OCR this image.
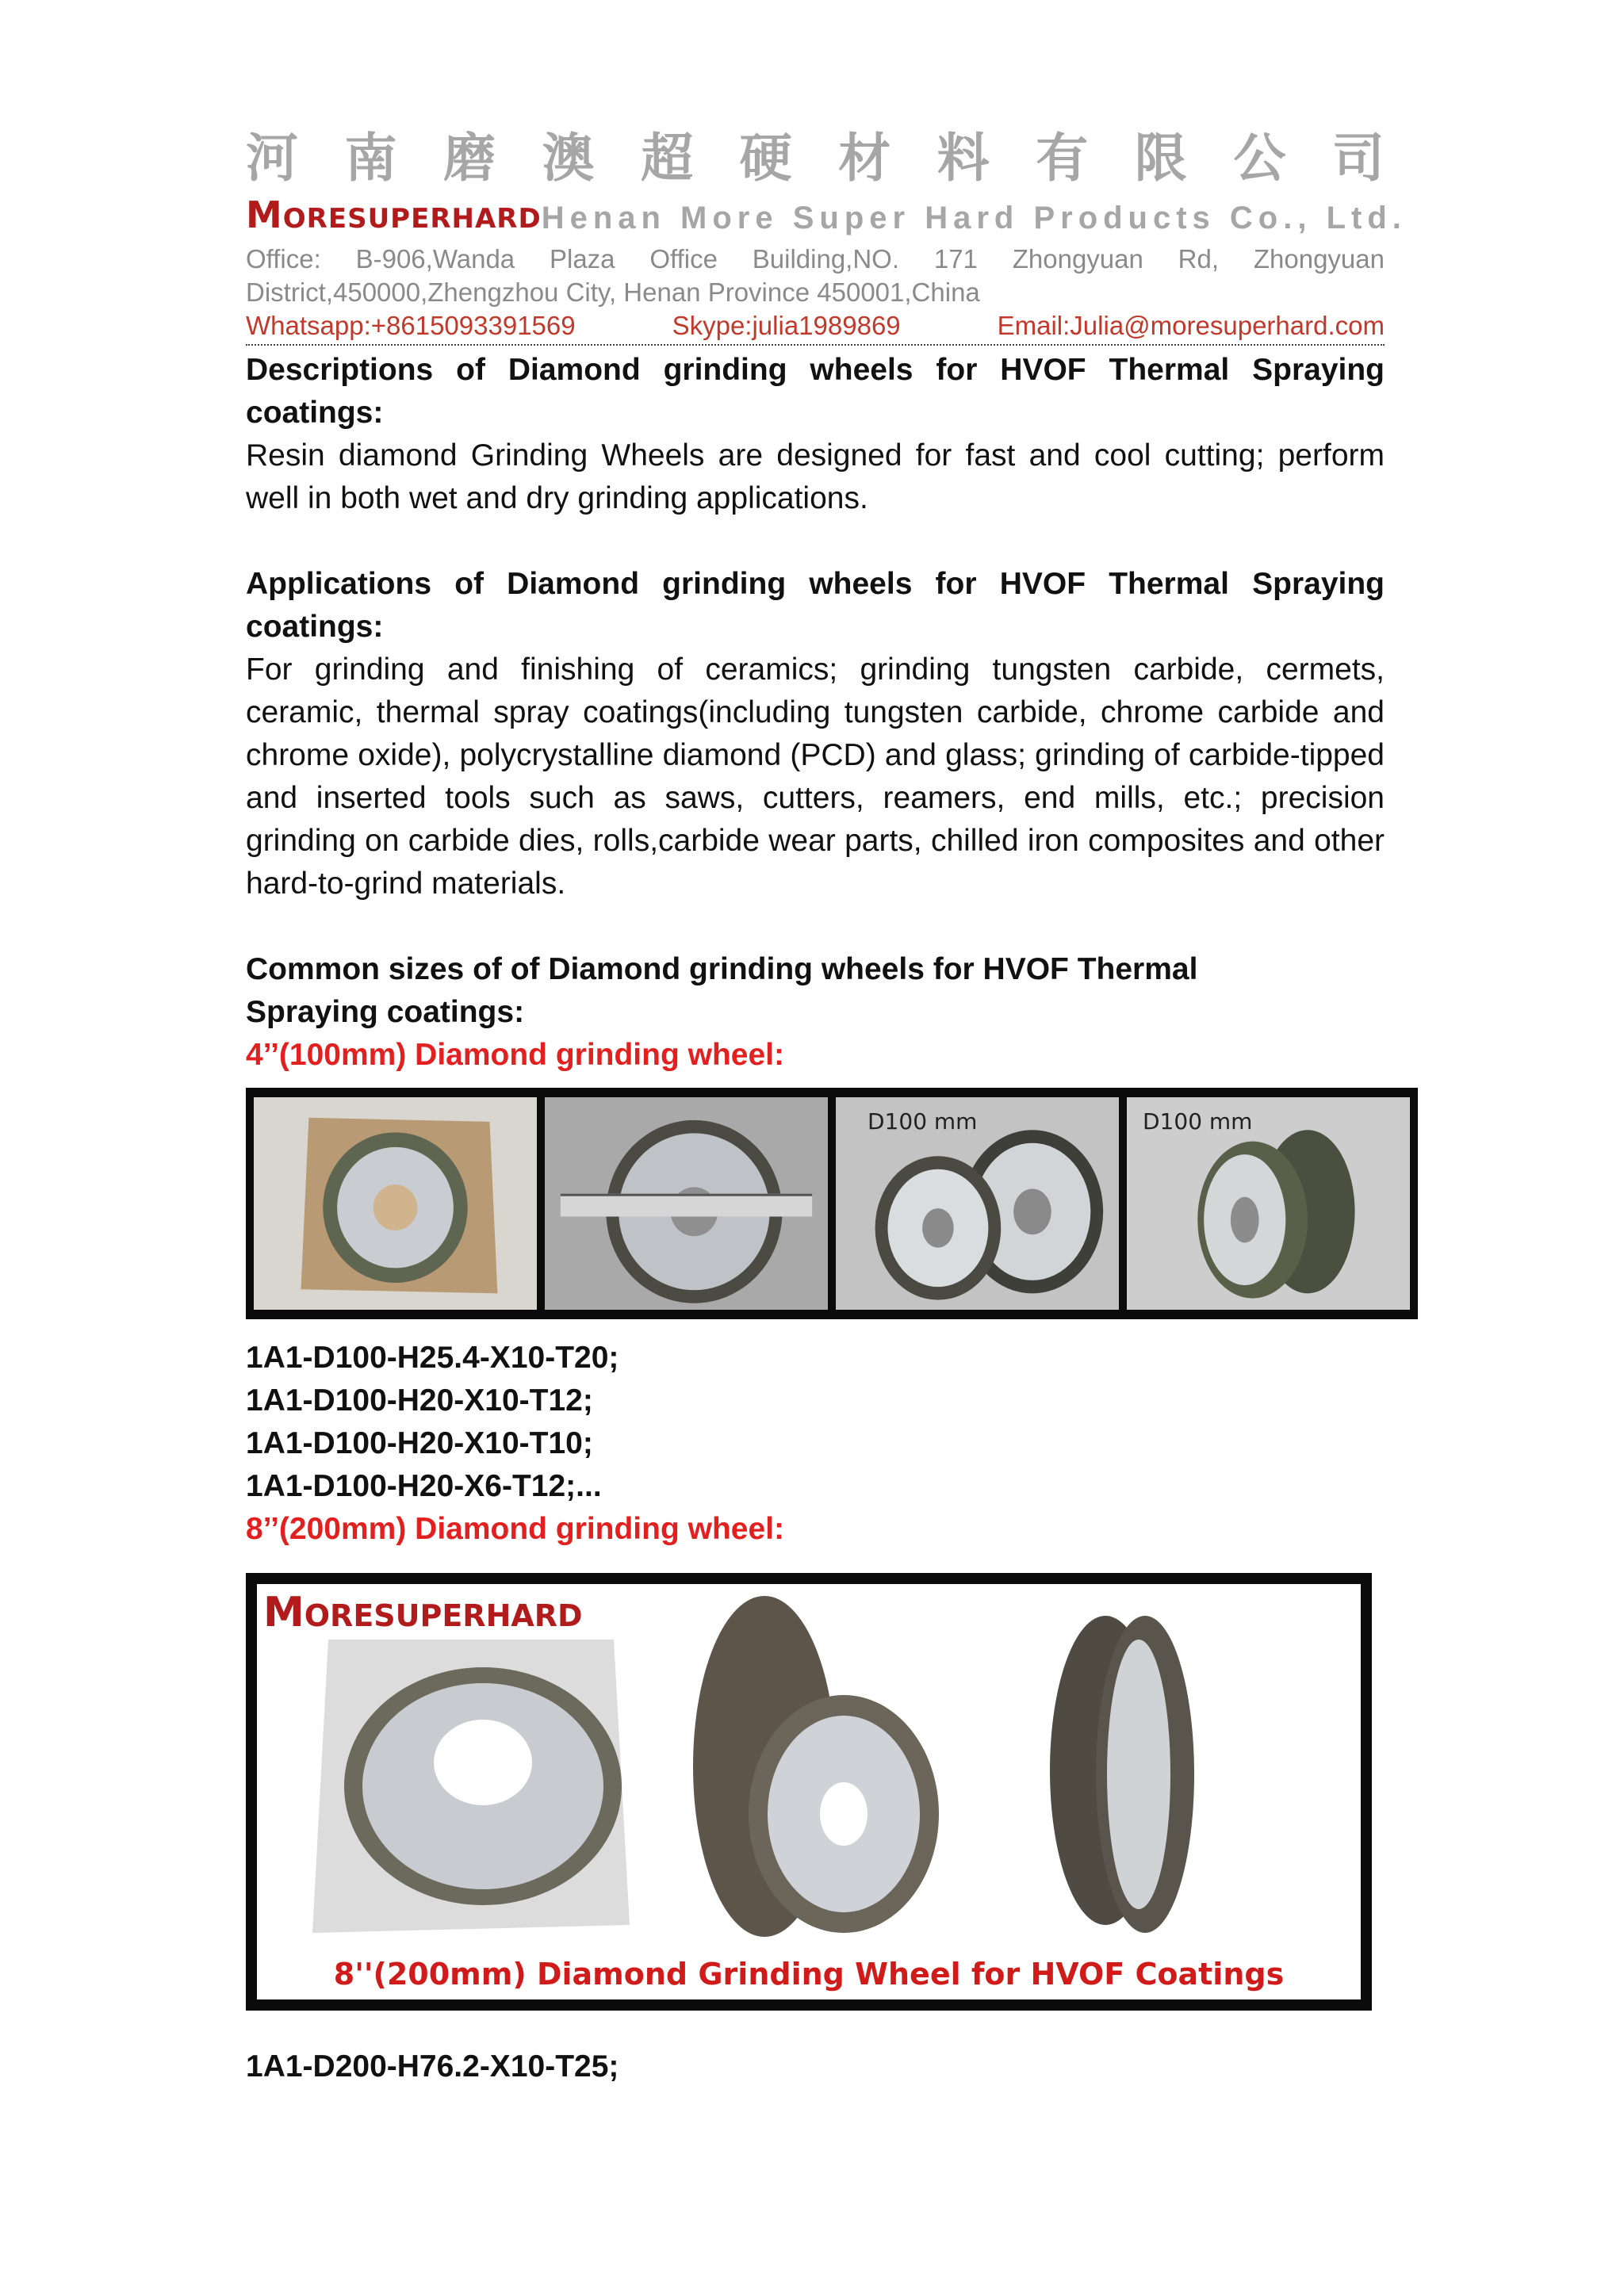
河 南 磨 澳 超 硬 材 料 有 限 公 司
MORESUPERHARD Henan More Super Hard Products Co., Ltd.
Office: B-906,Wanda Plaza Office Building,NO. 171 Zhongyuan Rd, Zhongyuan District,450000,Zhengzhou City, Henan Province 450001,China
Whatsapp:+8615093391569	Skype:julia1989869	Email:Julia@moresuperhard.com
Descriptions of Diamond grinding wheels for HVOF Thermal Spraying coatings:

Resin diamond Grinding Wheels are designed for fast and cool cutting; perform well in both wet and dry grinding applications.

Applications of Diamond grinding wheels for HVOF Thermal Spraying coatings:

For grinding and finishing of ceramics; grinding tungsten carbide, cermets, ceramic, thermal spray coatings(including tungsten carbide, chrome carbide and chrome oxide), polycrystalline diamond (PCD) and glass; grinding of carbide-tipped and inserted tools such as saws, cutters, reamers, end mills, etc.; precision grinding on carbide dies, rolls,carbide wear parts, chilled iron composites and other hard-to-grind materials.

Common sizes of of Diamond grinding wheels for HVOF Thermal
Spraying coatings:
4’’(100mm) Diamond grinding wheel:
D100 mm	D100 mm
1A1-D100-H25.4-X10-T20;
1A1-D100-H20-X10-T12;
1A1-D100-H20-X10-T10;
1A1-D100-H20-X6-T12;...
8’’(200mm) Diamond grinding wheel:
MORESUPERHARD
8''(200mm) Diamond Grinding Wheel for HVOF Coatings
1A1-D200-H76.2-X10-T25;
